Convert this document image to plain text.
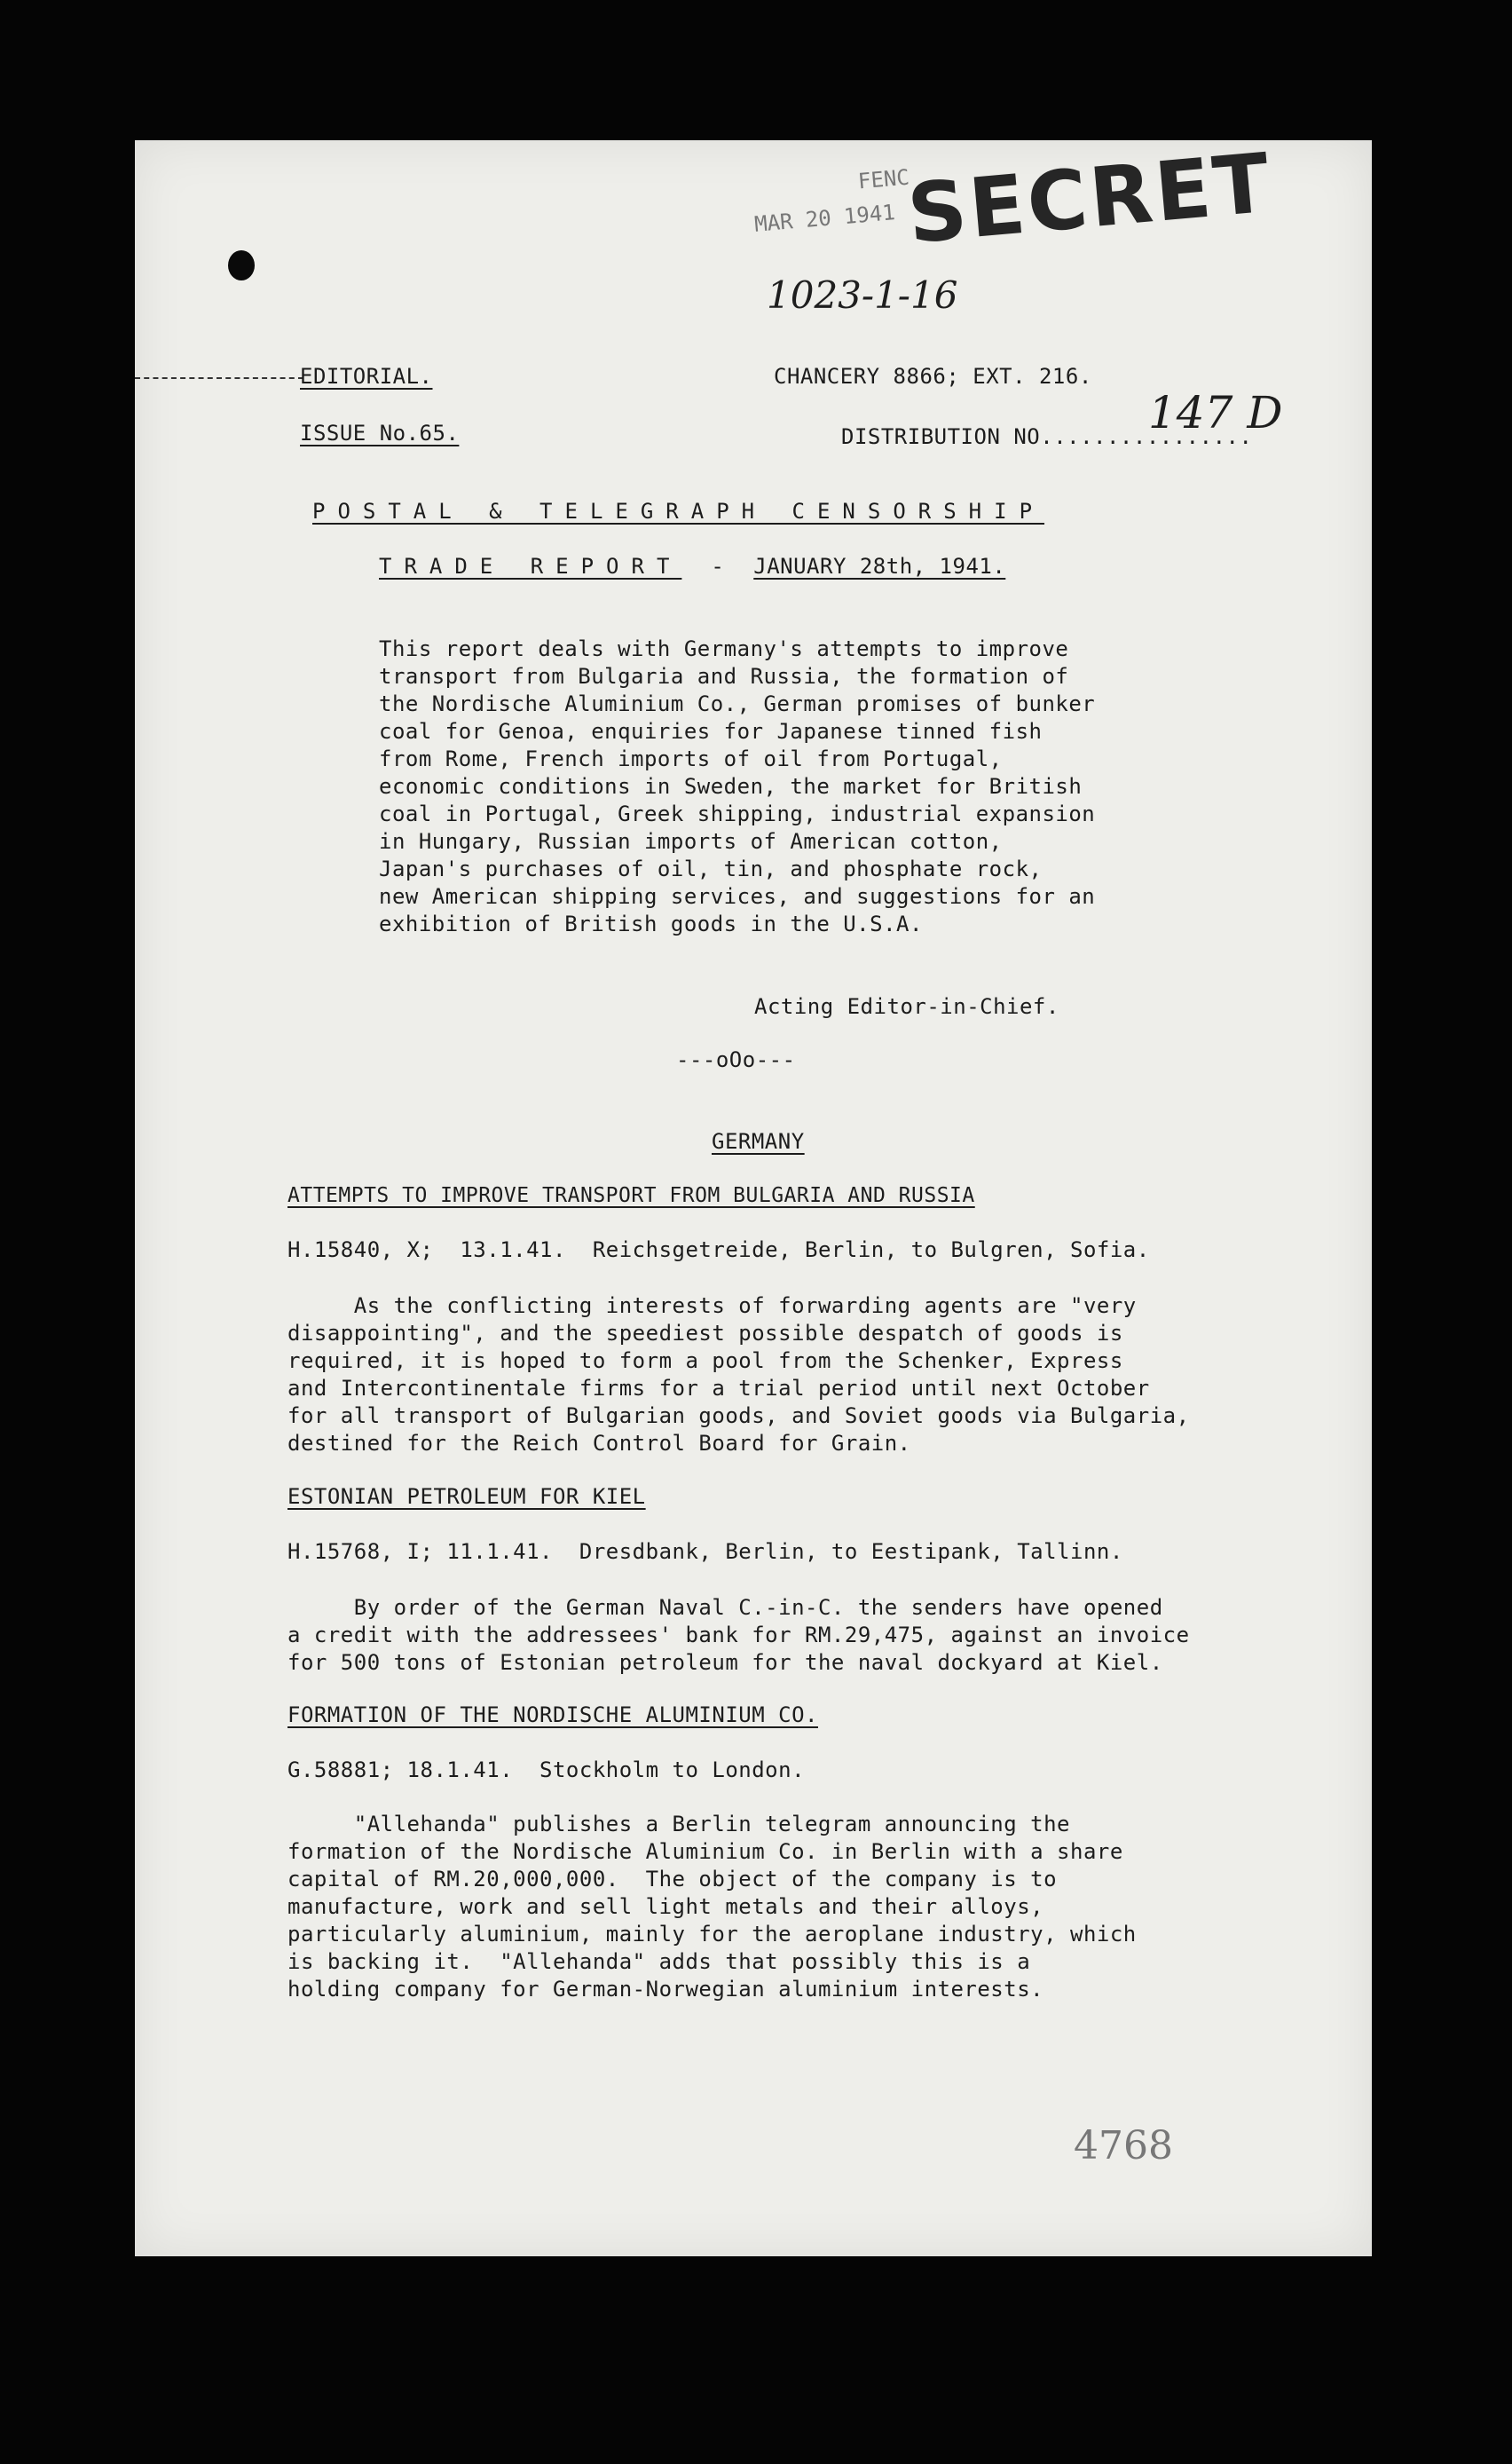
FENC
MAR 20 1941 SECRET
1023-1-16
147 D
EDITORIAL.	CHANCERY 8866; EXT. 216.
ISSUE No.65.	DISTRIBUTION NO................
POSTAL & TELEGRAPH CENSORSHIP
TRADE REPORT - JANUARY 28th, 1941.
This report deals with Germany's attempts to improve
transport from Bulgaria and Russia, the formation of
the Nordische Aluminium Co., German promises of bunker
coal for Genoa, enquiries for Japanese tinned fish
from Rome, French imports of oil from Portugal,
economic conditions in Sweden, the market for British
coal in Portugal, Greek shipping, industrial expansion
in Hungary, Russian imports of American cotton,
Japan's purchases of oil, tin, and phosphate rock,
new American shipping services, and suggestions for an
exhibition of British goods in the U.S.A.
Acting Editor-in-Chief.
---oOo---
GERMANY
ATTEMPTS TO IMPROVE TRANSPORT FROM BULGARIA AND RUSSIA
H.15840, X;  13.1.41.  Reichsgetreide, Berlin, to Bulgren, Sofia.
As the conflicting interests of forwarding agents are "very
disappointing", and the speediest possible despatch of goods is
required, it is hoped to form a pool from the Schenker, Express
and Intercontinentale firms for a trial period until next October
for all transport of Bulgarian goods, and Soviet goods via Bulgaria,
destined for the Reich Control Board for Grain.
ESTONIAN PETROLEUM FOR KIEL
H.15768, I; 11.1.41.  Dresdbank, Berlin, to Eestipank, Tallinn.
By order of the German Naval C.-in-C. the senders have opened
a credit with the addressees' bank for RM.29,475, against an invoice
for 500 tons of Estonian petroleum for the naval dockyard at Kiel.
FORMATION OF THE NORDISCHE ALUMINIUM CO.
G.58881; 18.1.41.  Stockholm to London.
"Allehanda" publishes a Berlin telegram announcing the
formation of the Nordische Aluminium Co. in Berlin with a share
capital of RM.20,000,000.  The object of the company is to
manufacture, work and sell light metals and their alloys,
particularly aluminium, mainly for the aeroplane industry, which
is backing it.  "Allehanda" adds that possibly this is a
holding company for German-Norwegian aluminium interests.
4768
